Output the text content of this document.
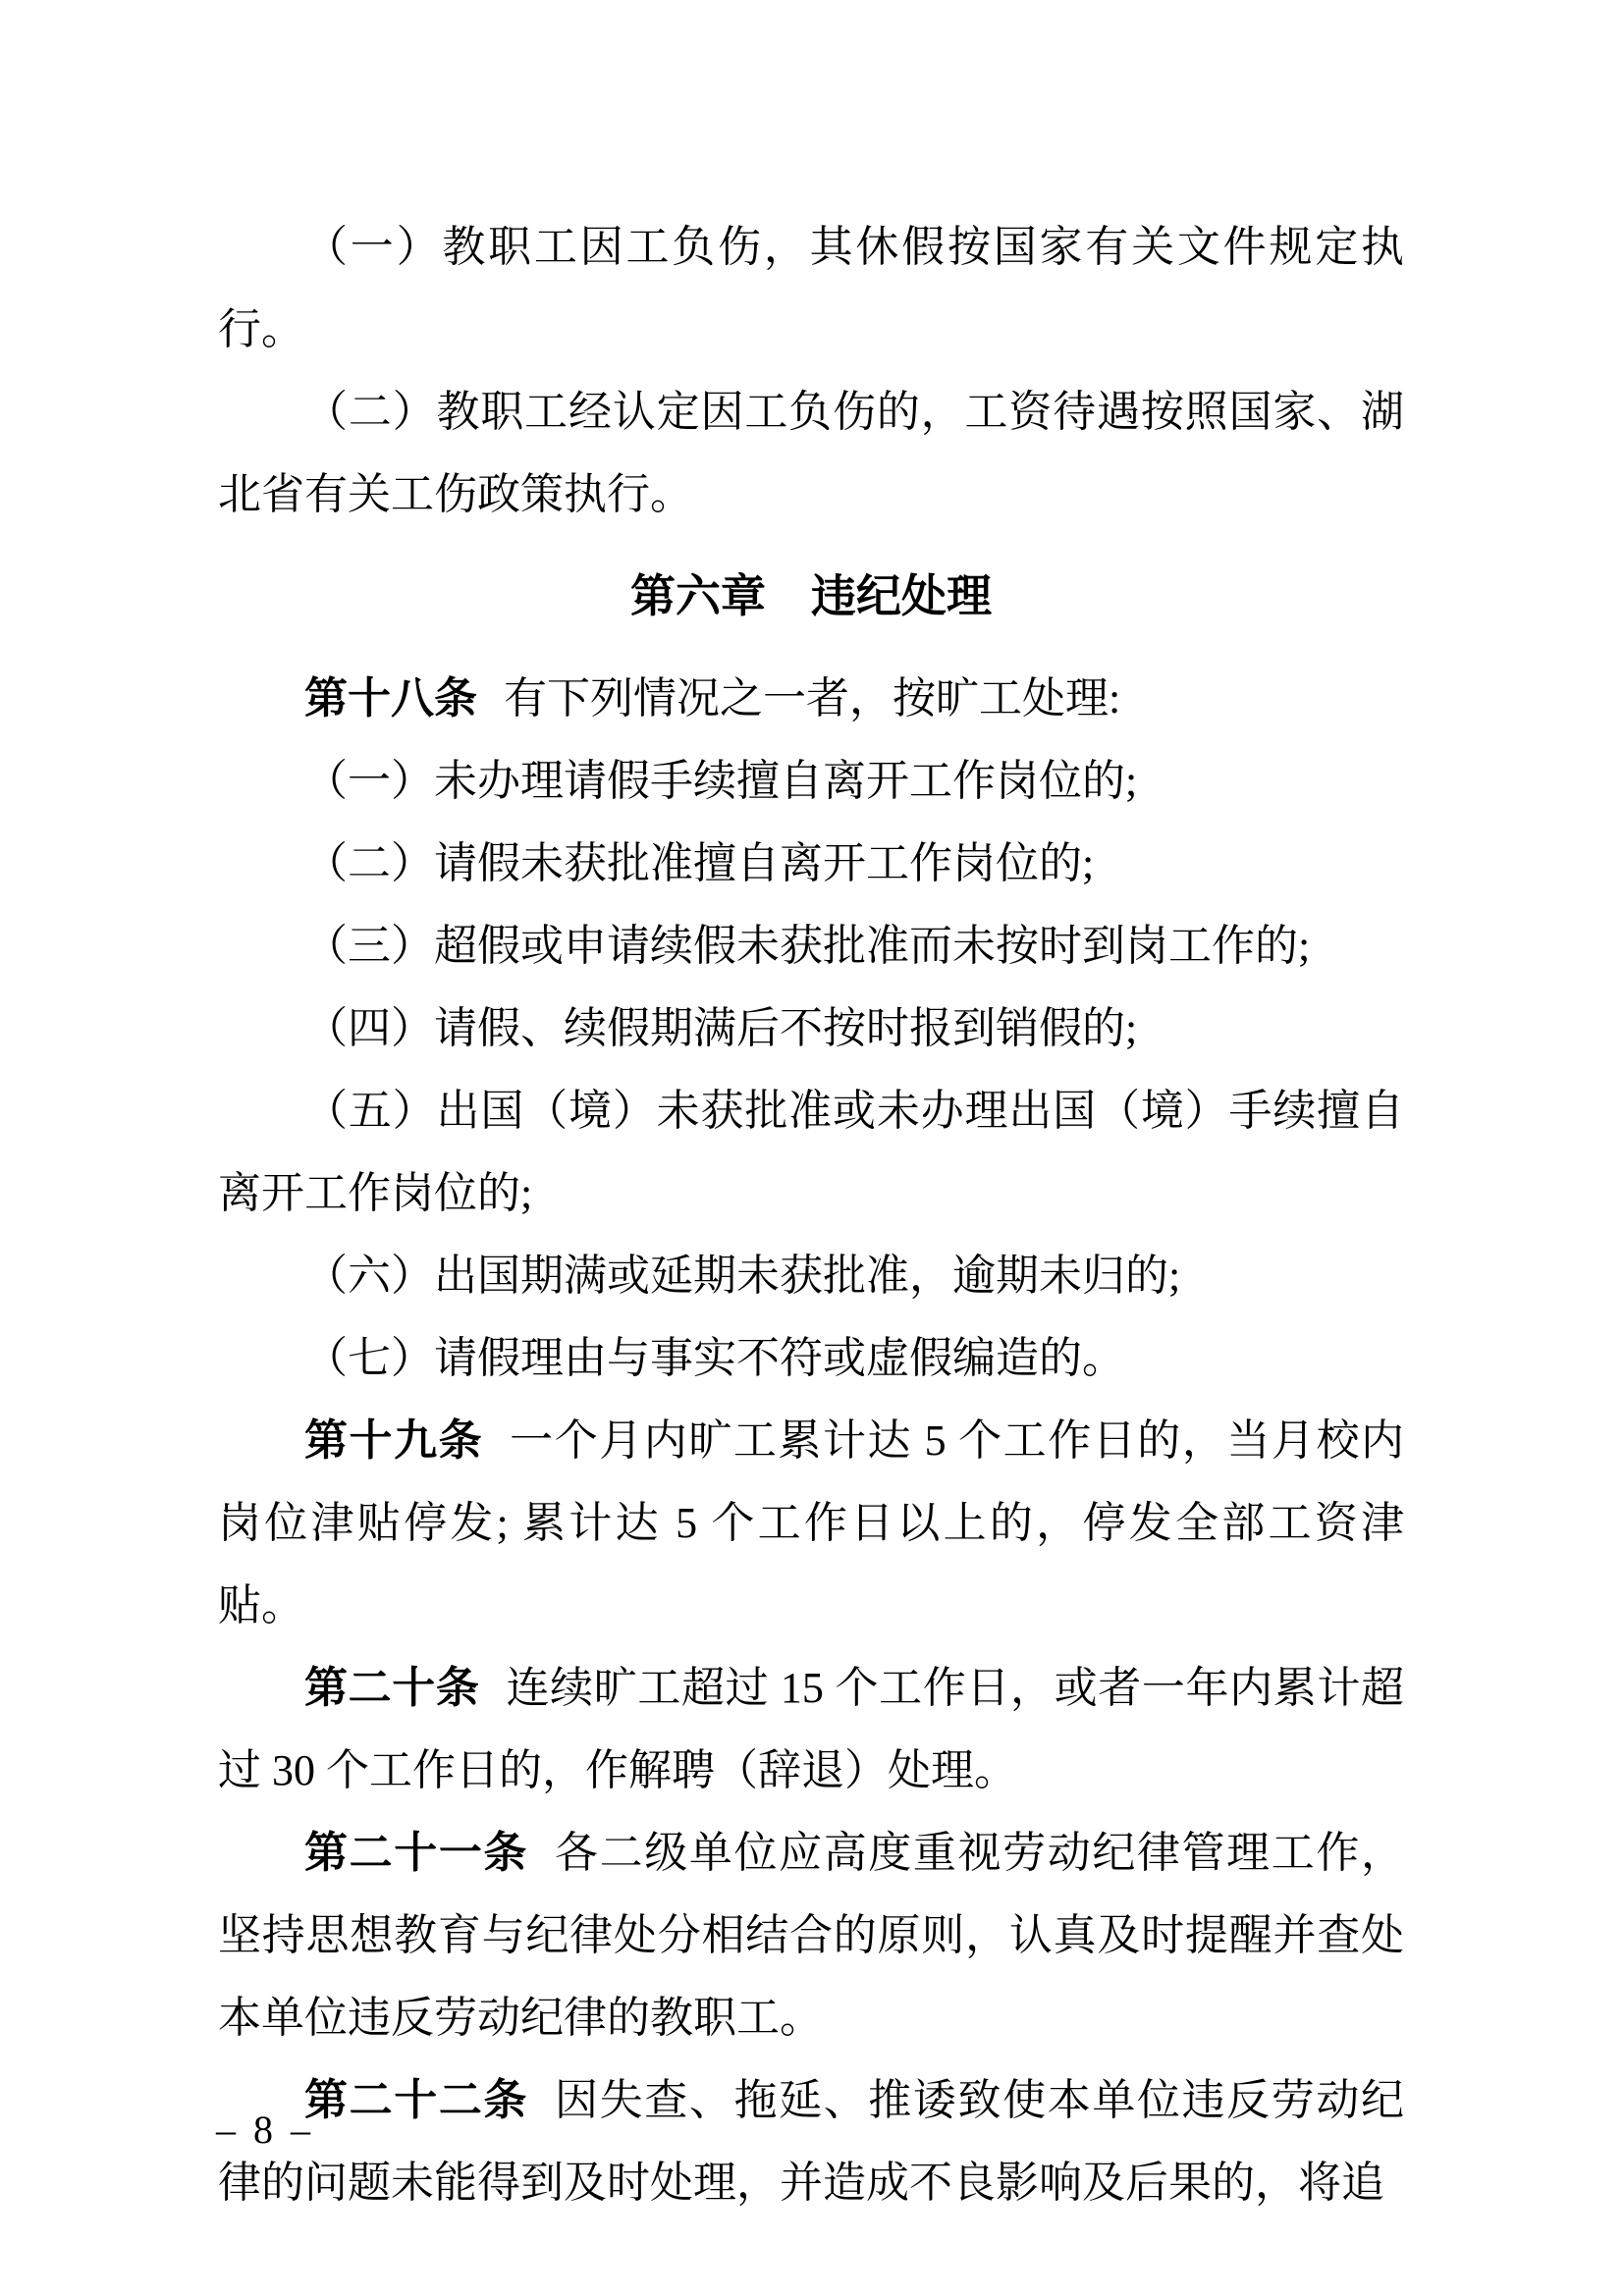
（一）教职工因工负伤，其休假按国家有关文件规定执行。

（二）教职工经认定因工负伤的，工资待遇按照国家、湖北省有关工伤政策执行。

第六章　违纪处理

第十八条 有下列情况之一者，按旷工处理:

（一）未办理请假手续擅自离开工作岗位的;

（二）请假未获批准擅自离开工作岗位的;

（三）超假或申请续假未获批准而未按时到岗工作的;

（四）请假、续假期满后不按时报到销假的;

（五）出国（境）未获批准或未办理出国（境）手续擅自离开工作岗位的;

（六）出国期满或延期未获批准，逾期未归的;

（七）请假理由与事实不符或虚假编造的。

第十九条 一个月内旷工累计达 5 个工作日的，当月校内岗位津贴停发; 累计达 5 个工作日以上的，停发全部工资津贴。

第二十条 连续旷工超过 15 个工作日，或者一年内累计超过 30 个工作日的，作解聘（辞退）处理。

第二十一条 各二级单位应高度重视劳动纪律管理工作，坚持思想教育与纪律处分相结合的原则，认真及时提醒并查处本单位违反劳动纪律的教职工。

第二十二条 因失查、拖延、推诿致使本单位违反劳动纪律的问题未能得到及时处理，并造成不良影响及后果的，将追

– 8 –
